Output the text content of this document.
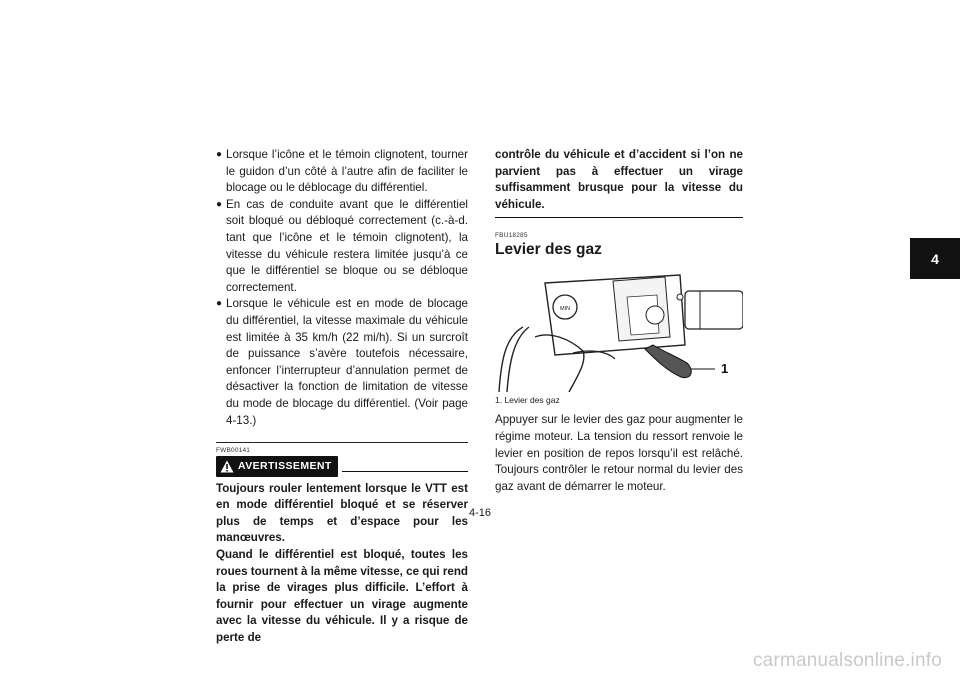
● Lorsque l’icône et le témoin clignotent, tourner le guidon d’un côté à l’autre afin de faciliter le blocage ou le déblocage du différentiel.

● En cas de conduite avant que le différentiel soit bloqué ou débloqué correctement (c.-à-d. tant que l’icône et le témoin clignotent), la vitesse du véhicule restera limitée jusqu’à ce que le différentiel se bloque ou se débloque correctement.

● Lorsque le véhicule est en mode de blocage du différentiel, la vitesse maximale du véhicule est limitée à 35 km/h (22 mi/h). Si un surcroît de puissance s’avère toutefois nécessaire, enfoncer l’interrupteur d’annulation permet de désactiver la fonction de limitation de vitesse du mode de blocage du différentiel. (Voir page 4-13.)

FWB00141
AVERTISSEMENT

Toujours rouler lentement lorsque le VTT est en mode différentiel bloqué et se réserver plus de temps et d’espace pour les manœuvres.

Quand le différentiel est bloqué, toutes les roues tournent à la même vitesse, ce qui rend la prise de virages plus difficile. L’effort à fournir pour effectuer un virage augmente avec la vitesse du véhicule. Il y a risque de perte de

contrôle du véhicule et d’accident si l’on ne parvient pas à effectuer un virage suffisamment brusque pour la vitesse du véhicule.

FBU18285
Levier des gaz
MIN
1

1. Levier des gaz

Appuyer sur le levier des gaz pour augmenter le régime moteur. La tension du ressort renvoie le levier en position de repos lorsqu’il est relâché. Toujours contrôler le retour normal du levier des gaz avant de démarrer le moteur.

4
4-16
carmanualsonline.info
